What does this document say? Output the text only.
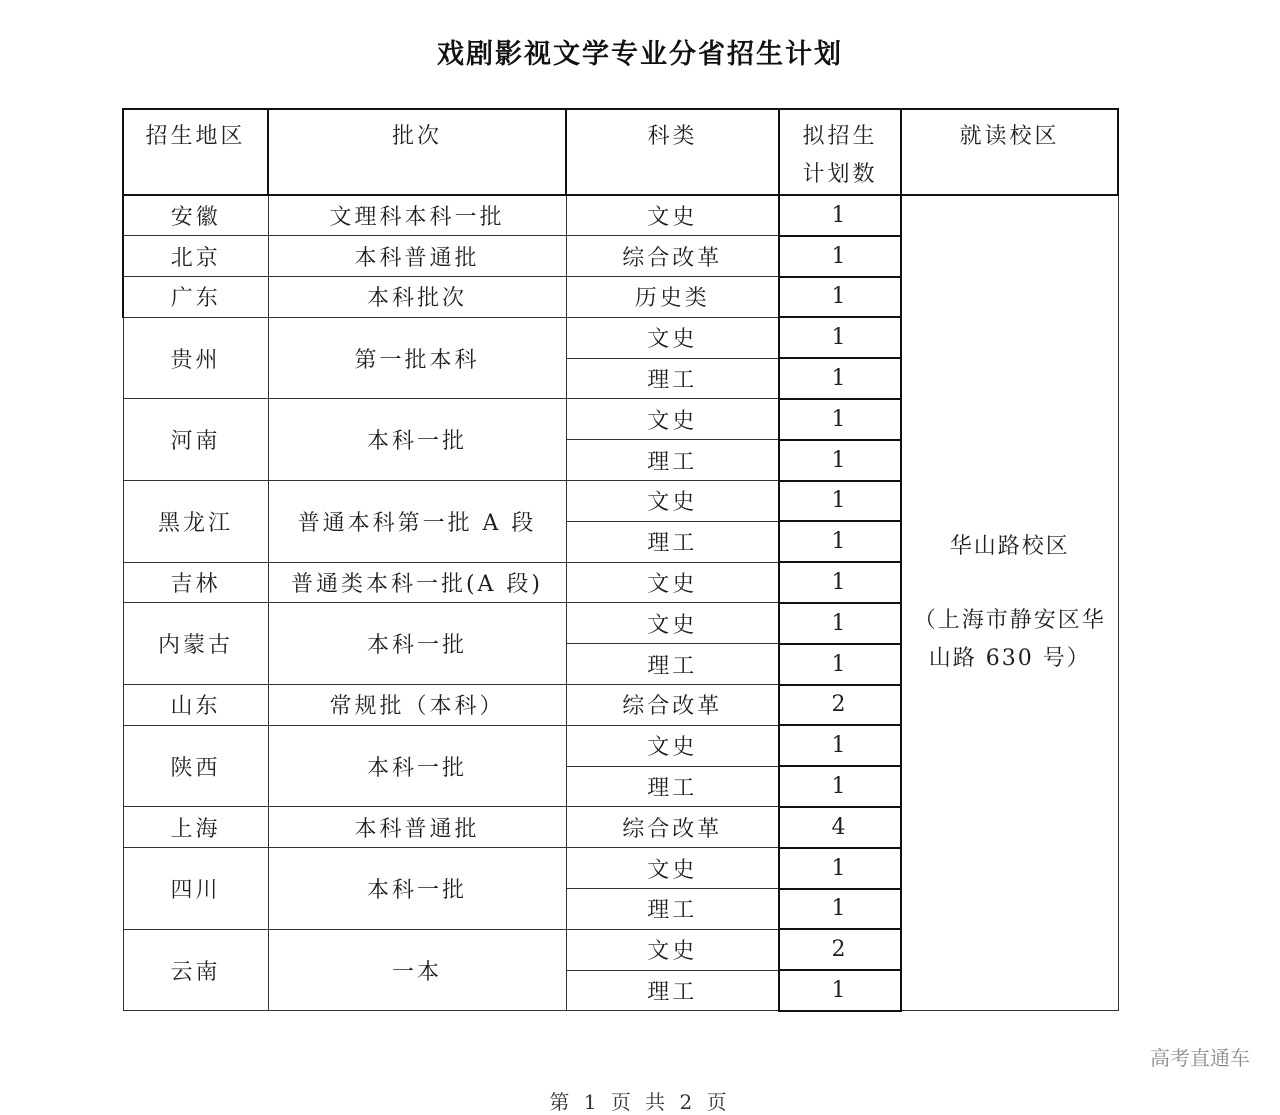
戏剧影视文学专业分省招生计划
招生地区	批次	科类	拟招生计划数	就读校区
安徽	文理科本科一批	文史	1	华山路校区
（上海市静安区华山路 630 号）

北京	本科普通批	综合改革	1	
广东	本科批次	历史类	1	
贵州	第一批本科	文史	1	
		理工	1	
河南	本科一批	文史	1	
		理工	1	
黑龙江	普通本科第一批 A 段	文史	1	
		理工	1	
吉林	普通类本科一批(A 段)	文史	1	
内蒙古	本科一批	文史	1	
		理工	1	
山东	常规批（本科）	综合改革	2	
陕西	本科一批	文史	1	
		理工	1	
上海	本科普通批	综合改革	4	
四川	本科一批	文史	1	
		理工	1	
云南	一本	文史	2	
		理工	1	
高考直通车
第 1 页 共 2 页
